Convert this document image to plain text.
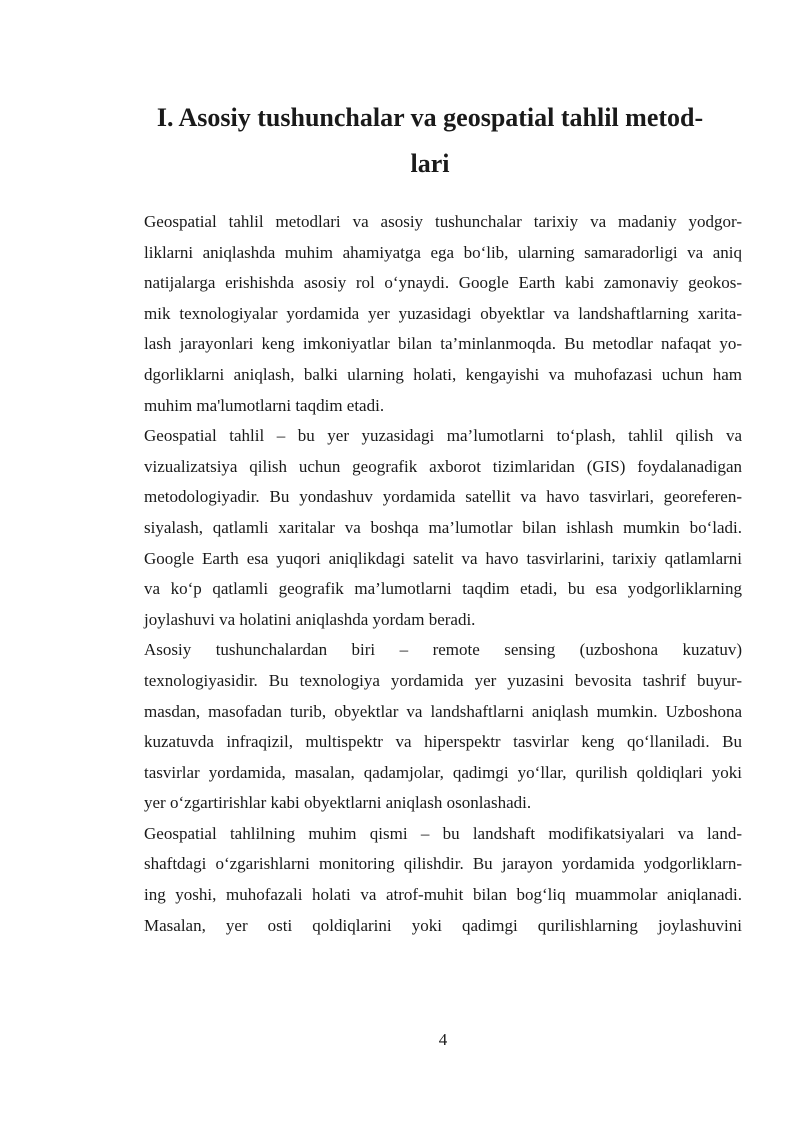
I. Asosiy tushunchalar va geospatial tahlil metod-
lari

Geospatial tahlil metodlari va asosiy tushunchalar tarixiy va madaniy yodgor-
liklarni aniqlashda muhim ahamiyatga ega bo‘lib, ularning samaradorligi va aniq
natijalarga erishishda asosiy rol o‘ynaydi. Google Earth kabi zamonaviy geokos-
mik texnologiyalar yordamida yer yuzasidagi obyektlar va landshaftlarning xarita-
lash jarayonlari keng imkoniyatlar bilan ta’minlanmoqda. Bu metodlar nafaqat yo-
dgorliklarni aniqlash, balki ularning holati, kengayishi va muhofazasi uchun ham
muhim ma'lumotlarni taqdim etadi.

Geospatial tahlil – bu yer yuzasidagi ma’lumotlarni to‘plash, tahlil qilish va
vizualizatsiya qilish uchun geografik axborot tizimlaridan (GIS) foydalanadigan
metodologiyadir. Bu yondashuv yordamida satellit va havo tasvirlari, georeferen-
siyalash, qatlamli xaritalar va boshqa ma’lumotlar bilan ishlash mumkin bo‘ladi.
Google Earth esa yuqori aniqlikdagi satelit va havo tasvirlarini, tarixiy qatlamlarni
va ko‘p qatlamli geografik ma’lumotlarni taqdim etadi, bu esa yodgorliklarning
joylashuvi va holatini aniqlashda yordam beradi.

Asosiy tushunchalardan biri – remote sensing (uzboshona kuzatuv)
texnologiyasidir. Bu texnologiya yordamida yer yuzasini bevosita tashrif buyur-
masdan, masofadan turib, obyektlar va landshaftlarni aniqlash mumkin. Uzboshona
kuzatuvda infraqizil, multispektr va hiperspektr tasvirlar keng qo‘llaniladi. Bu
tasvirlar yordamida, masalan, qadamjolar, qadimgi yo‘llar, qurilish qoldiqlari yoki
yer o‘zgartirishlar kabi obyektlarni aniqlash osonlashadi.

Geospatial tahlilning muhim qismi – bu landshaft modifikatsiyalari va land-
shaftdagi o‘zgarishlarni monitoring qilishdir. Bu jarayon yordamida yodgorliklarn-
ing yoshi, muhofazali holati va atrof-muhit bilan bog‘liq muammolar aniqlanadi.
Masalan, yer osti qoldiqlarini yoki qadimgi qurilishlarning joylashuvini

4
